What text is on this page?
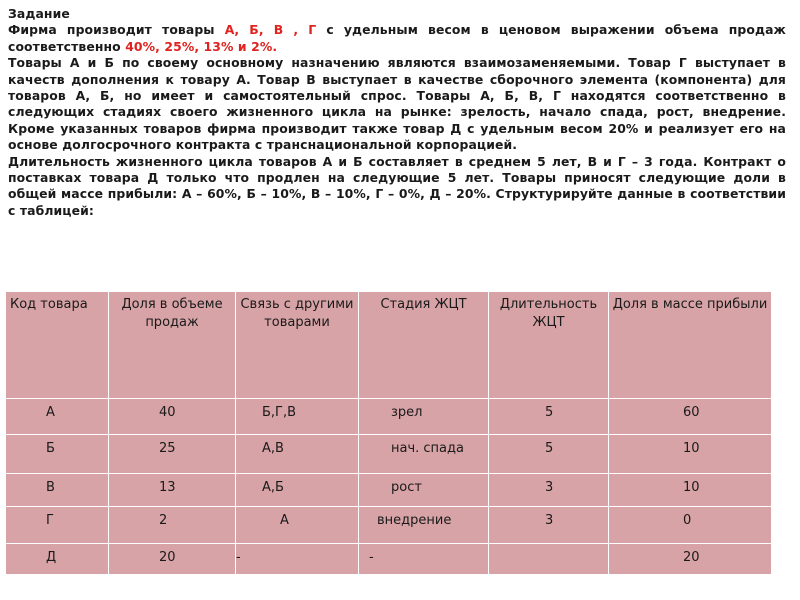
Задание

Фирма производит товары А, Б, В , Г с удельным весом в ценовом выражении объема продаж соответственно 40%, 25%, 13% и 2%.

Товары А и Б по своему основному назначению являются взаимозаменяемыми. Товар Г выступает в качеств дополнения к товару А. Товар В выступает в качестве сборочного элемента (компонента) для товаров А, Б, но имеет и самостоятельный спрос. Товары А, Б, В, Г находятся соответственно в следующих стадиях своего жизненного цикла на рынке: зрелость, начало спада, рост, внедрение. Кроме указанных товаров фирма производит также товар Д с удельным весом 20% и реализует его на основе долгосрочного контракта с транснациональной корпорацией.

Длительность жизненного цикла товаров А и Б составляет в среднем 5 лет, В и Г – 3 года. Контракт о поставках товара Д только что продлен на следующие 5 лет. Товары приносят следующие доли в общей массе прибыли: А – 60%, Б – 10%, В – 10%, Г – 0%, Д – 20%. Структурируйте данные в соответствии с таблицей:

Код товара	Доля в объеме продаж	Связь с другими товарами	Стадия ЖЦТ	Длительность ЖЦТ	Доля в массе прибыли
А	40	Б,Г,В	зрел	5	60
Б	25	А,В	нач. спада	5	10
В	13	А,Б	рост	3	10
Г	2	А	внедрение	3	0
Д	20	-	-		20
